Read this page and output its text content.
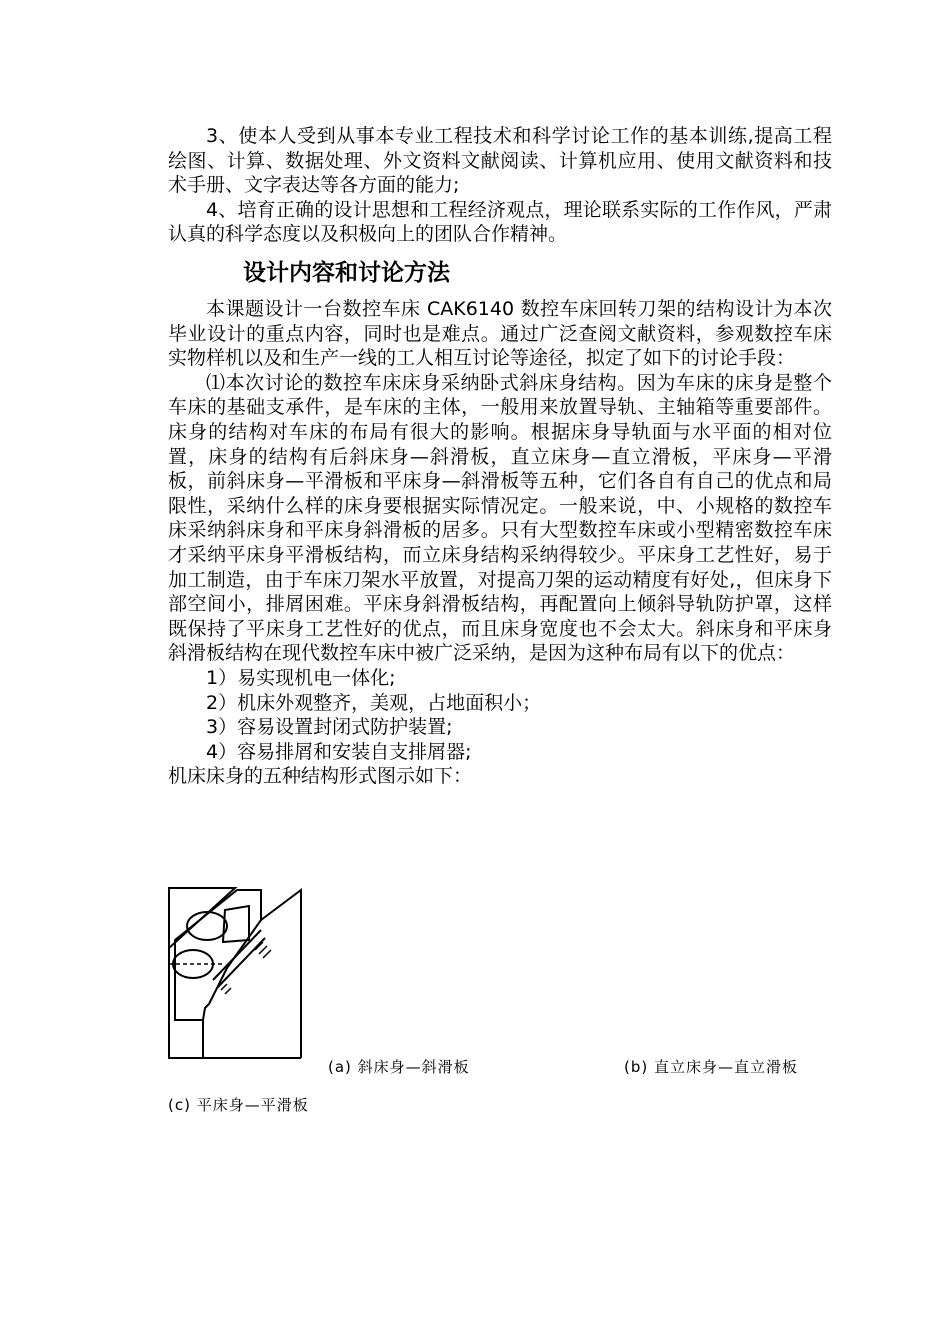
3、使本人受到从事本专业工程技术和科学讨论工作的基本训练,提高工程绘图、计算、数据处理、外文资料文献阅读、计算机应用、使用文献资料和技术手册、文字表达等各方面的能力;

4、培育正确的设计思想和工程经济观点，理论联系实际的工作作风，严肃认真的科学态度以及积极向上的团队合作精神。

设计内容和讨论方法

本课题设计一台数控车床 CAK6140 数控车床回转刀架的结构设计为本次毕业设计的重点内容，同时也是难点。通过广泛查阅文献资料，参观数控车床实物样机以及和生产一线的工人相互讨论等途径，拟定了如下的讨论手段：

⑴本次讨论的数控车床床身采纳卧式斜床身结构。因为车床的床身是整个车床的基础支承件，是车床的主体，一般用来放置导轨、主轴箱等重要部件。床身的结构对车床的布局有很大的影响。根据床身导轨面与水平面的相对位置，床身的结构有后斜床身—斜滑板，直立床身—直立滑板，平床身—平滑板，前斜床身—平滑板和平床身—斜滑板等五种，它们各自有自己的优点和局限性，采纳什么样的床身要根据实际情况定。一般来说，中、小规格的数控车床采纳斜床身和平床身斜滑板的居多。只有大型数控车床或小型精密数控车床才采纳平床身平滑板结构，而立床身结构采纳得较少。平床身工艺性好，易于加工制造，由于车床刀架水平放置，对提高刀架的运动精度有好处,，但床身下部空间小，排屑困难。平床身斜滑板结构，再配置向上倾斜导轨防护罩，这样既保持了平床身工艺性好的优点，而且床身宽度也不会太大。斜床身和平床身斜滑板结构在现代数控车床中被广泛采纳，是因为这种布局有以下的优点：

1）易实现机电一体化;

2）机床外观整齐，美观，占地面积小；

3）容易设置封闭式防护装置;

4）容易排屑和安装自支排屑器;

机床床身的五种结构形式图示如下：

(a) 斜床身—斜滑板	(b) 直立床身—直立滑板
(c) 平床身—平滑板
